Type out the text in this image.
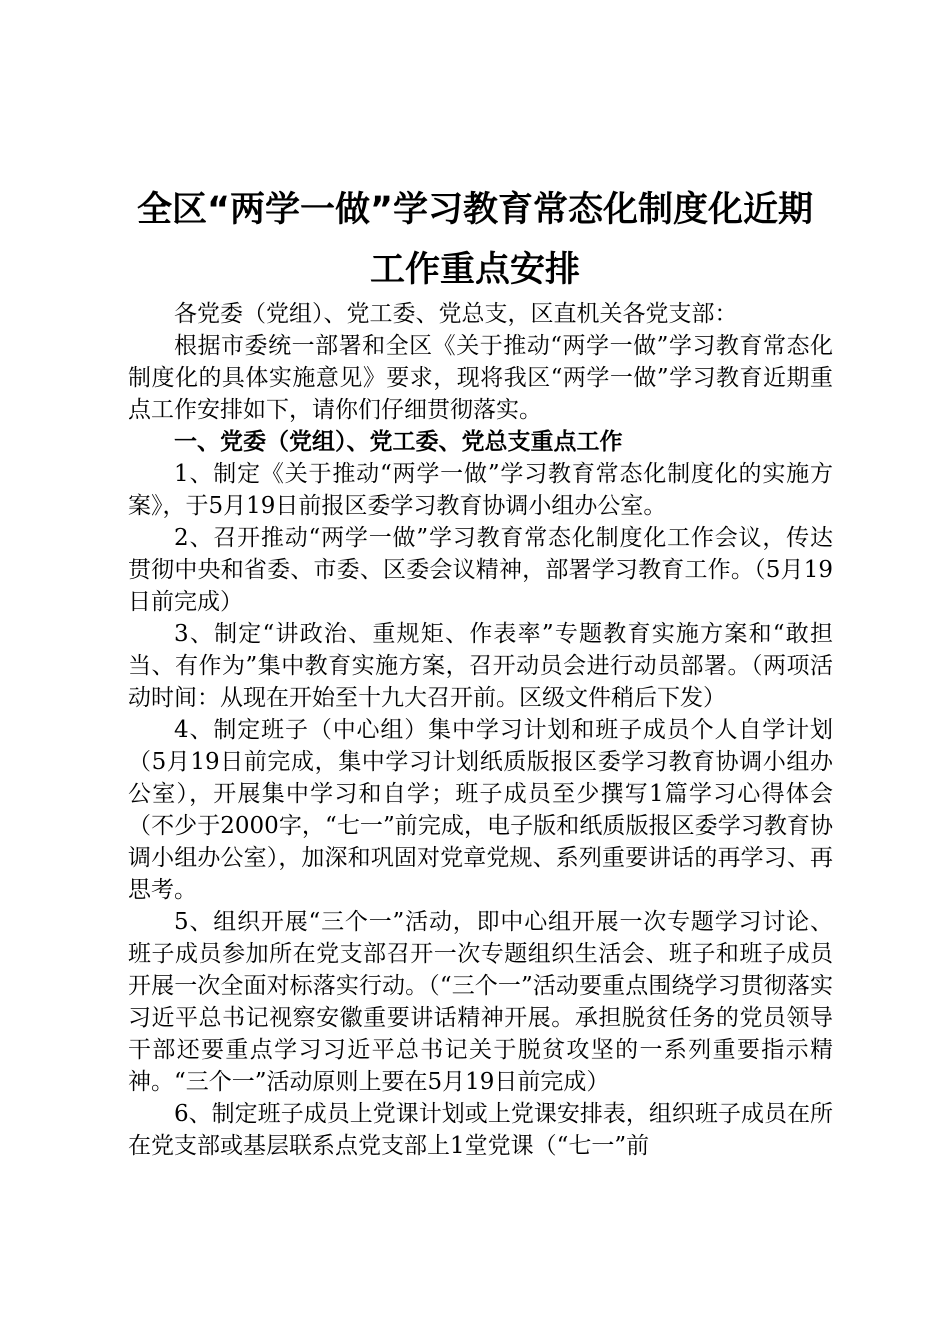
全区“两学一做”学习教育常态化制度化近期
工作重点安排

各党委（党组）、党工委、党总支，区直机关各党支部：

根据市委统一部署和全区《关于推动“两学一做”学习教育常态化制度化的具体实施意见》要求，现将我区“两学一做”学习教育近期重点工作安排如下，请你们仔细贯彻落实。

一、党委（党组）、党工委、党总支重点工作

1、制定《关于推动“两学一做”学习教育常态化制度化的实施方案》，于5月19日前报区委学习教育协调小组办公室。

2、召开推动“两学一做”学习教育常态化制度化工作会议，传达贯彻中央和省委、市委、区委会议精神，部署学习教育工作。（5月19日前完成）

3、制定“讲政治、重规矩、作表率”专题教育实施方案和“敢担当、有作为”集中教育实施方案，召开动员会进行动员部署。（两项活动时间：从现在开始至十九大召开前。区级文件稍后下发）

4、制定班子（中心组）集中学习计划和班子成员个人自学计划（5月19日前完成，集中学习计划纸质版报区委学习教育协调小组办公室），开展集中学习和自学；班子成员至少撰写1篇学习心得体会（不少于2000字，“七一”前完成，电子版和纸质版报区委学习教育协调小组办公室），加深和巩固对党章党规、系列重要讲话的再学习、再思考。

5、组织开展“三个一”活动，即中心组开展一次专题学习讨论、班子成员参加所在党支部召开一次专题组织生活会、班子和班子成员开展一次全面对标落实行动。（“三个一”活动要重点围绕学习贯彻落实习近平总书记视察安徽重要讲话精神开展。承担脱贫任务的党员领导干部还要重点学习习近平总书记关于脱贫攻坚的一系列重要指示精神。“三个一”活动原则上要在5月19日前完成）

6、制定班子成员上党课计划或上党课安排表，组织班子成员在所在党支部或基层联系点党支部上1堂党课（“七一”前
